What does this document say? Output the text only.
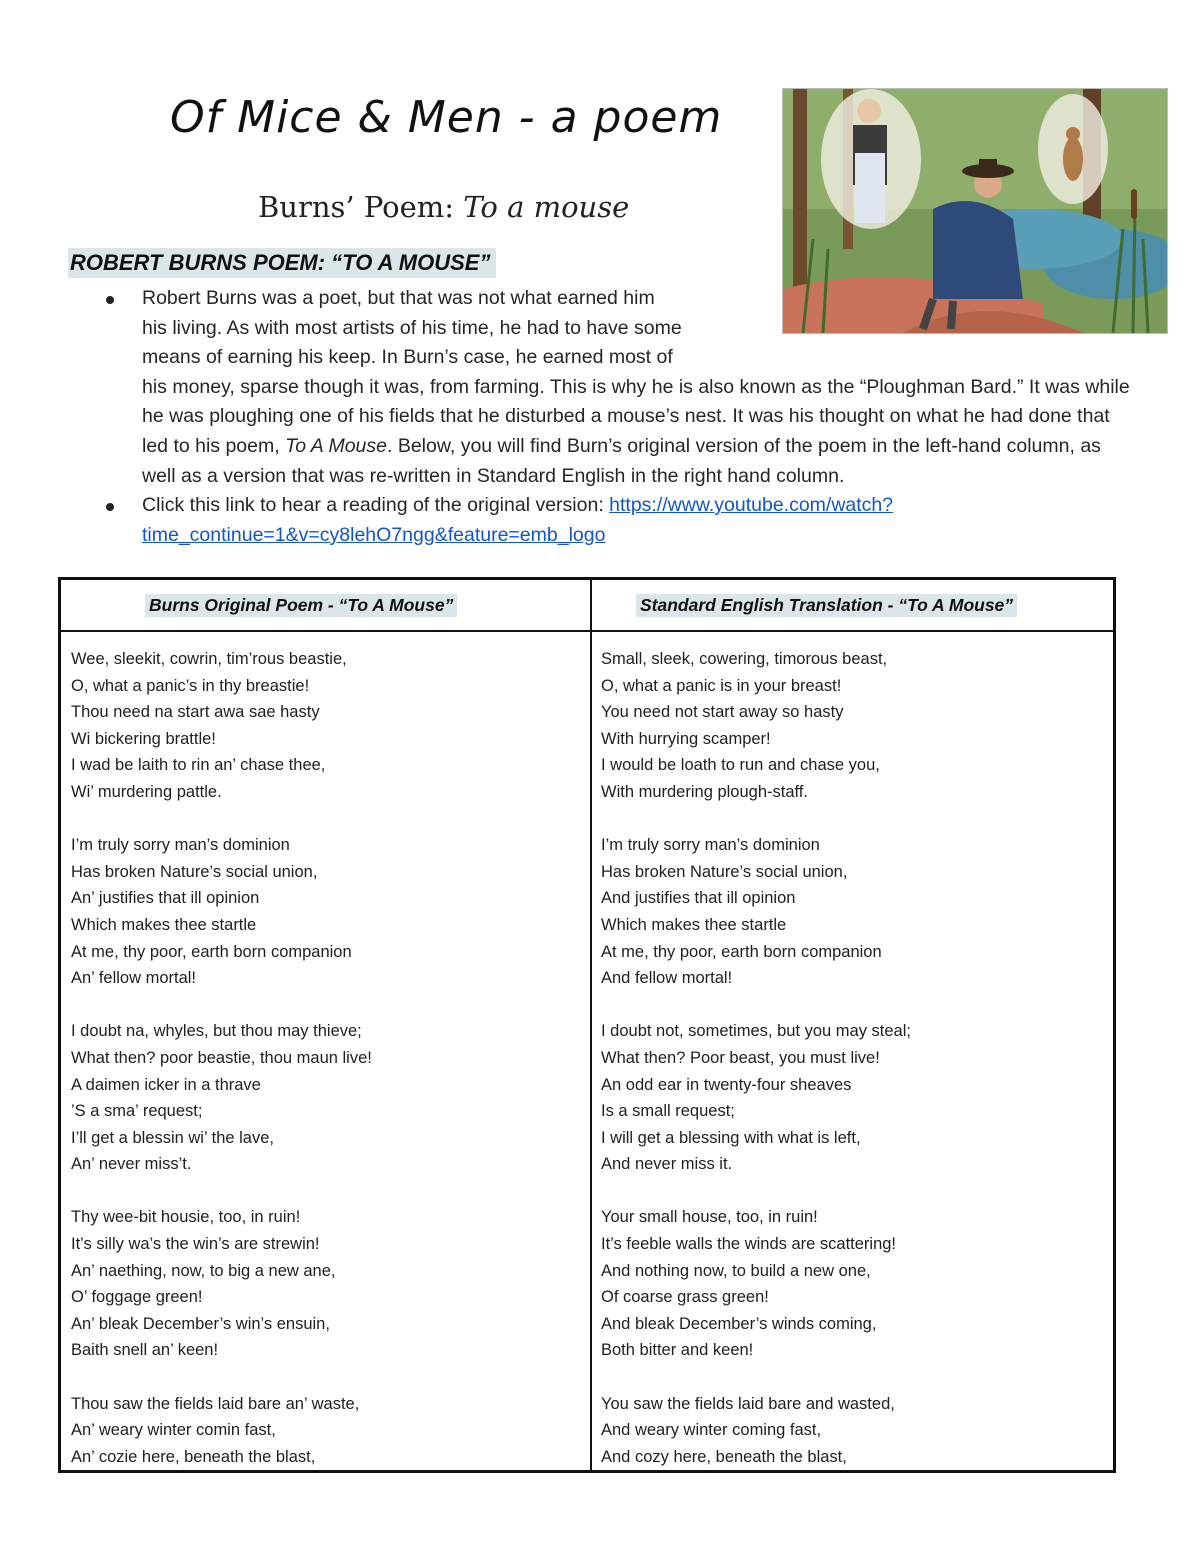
Of Mice & Men - a poem
Burns’ Poem: To a mouse
ROBERT BURNS POEM: “TO A MOUSE”
Robert Burns was a poet, but that was not what earned him
his living. As with most artists of his time, he had to have some
means of earning his keep. In Burn’s case, he earned most of
his money, sparse though it was, from farming. This is why he is also known as the “Ploughman Bard.” It was while he was ploughing one of his fields that he disturbed a mouse’s nest. It was his thought on what he had done that led to his poem, To A Mouse. Below, you will find Burn’s original version of the poem in the left-hand column, as well as a version that was re-written in Standard English in the right hand column.
Click this link to hear a reading of the original version: https://www.youtube.com/watch?time_continue=1&v=cy8lehO7ngg&feature=emb_logo
Burns Original Poem - “To A Mouse”	Standard English Translation - “To A Mouse”
Wee, sleekit, cowrin, tim’rous beastie,
O, what a panic’s in thy breastie!
Thou need na start awa sae hasty
Wi bickering brattle!
I wad be laith to rin an’ chase thee,
Wi’ murdering pattle.
I’m truly sorry man’s dominion
Has broken Nature’s social union,
An’ justifies that ill opinion
Which makes thee startle
At me, thy poor, earth born companion
An’ fellow mortal!
I doubt na, whyles, but thou may thieve;
What then? poor beastie, thou maun live!
A daimen icker in a thrave
’S a sma’ request;
I’ll get a blessin wi’ the lave,
An’ never miss’t.
Thy wee-bit housie, too, in ruin!
It’s silly wa’s the win’s are strewin!
An’ naething, now, to big a new ane,
O’ foggage green!
An’ bleak December’s win’s ensuin,
Baith snell an’ keen!
Thou saw the fields laid bare an’ waste,
An’ weary winter comin fast,
An’ cozie here, beneath the blast,
Small, sleek, cowering, timorous beast,
O, what a panic is in your breast!
You need not start away so hasty
With hurrying scamper!
I would be loath to run and chase you,
With murdering plough-staff.
I’m truly sorry man’s dominion
Has broken Nature’s social union,
And justifies that ill opinion
Which makes thee startle
At me, thy poor, earth born companion
And fellow mortal!
I doubt not, sometimes, but you may steal;
What then? Poor beast, you must live!
An odd ear in twenty-four sheaves
Is a small request;
I will get a blessing with what is left,
And never miss it.
Your small house, too, in ruin!
It’s feeble walls the winds are scattering!
And nothing now, to build a new one,
Of coarse grass green!
And bleak December’s winds coming,
Both bitter and keen!
You saw the fields laid bare and wasted,
And weary winter coming fast,
And cozy here, beneath the blast,
